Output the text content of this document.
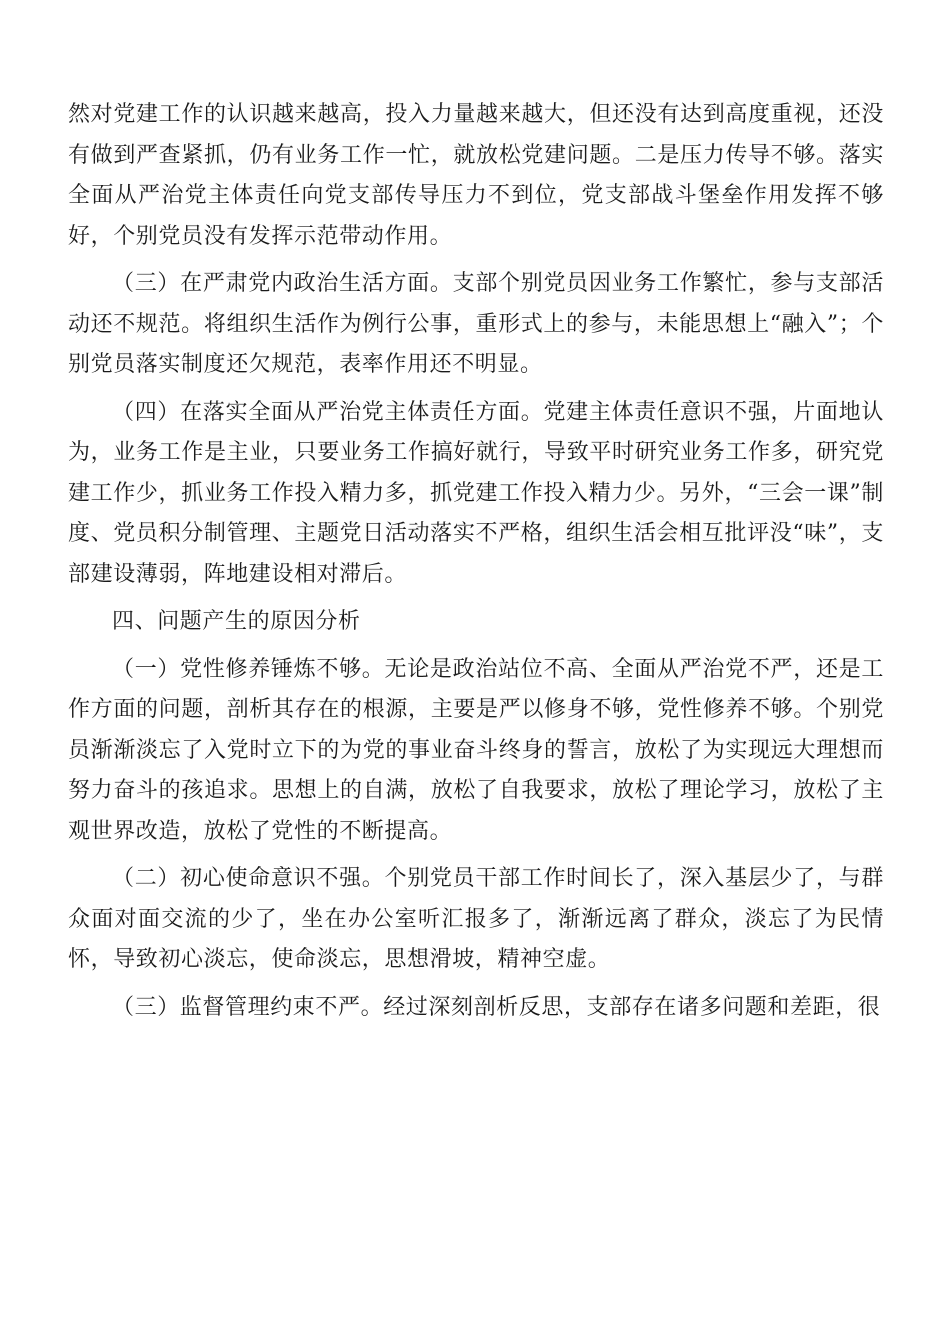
然对党建工作的认识越来越高，投入力量越来越大，但还没有达到高度重视，还没有做到严查紧抓，仍有业务工作一忙，就放松党建问题。二是压力传导不够。落实全面从严治党主体责任向党支部传导压力不到位，党支部战斗堡垒作用发挥不够好，个别党员没有发挥示范带动作用。

（三）在严肃党内政治生活方面。支部个别党员因业务工作繁忙，参与支部活动还不规范。将组织生活作为例行公事，重形式上的参与，未能思想上“融入”；个别党员落实制度还欠规范，表率作用还不明显。

（四）在落实全面从严治党主体责任方面。党建主体责任意识不强，片面地认为，业务工作是主业，只要业务工作搞好就行，导致平时研究业务工作多，研究党建工作少，抓业务工作投入精力多，抓党建工作投入精力少。另外，“三会一课”制度、党员积分制管理、主题党日活动落实不严格，组织生活会相互批评没“味”，支部建设薄弱，阵地建设相对滞后。

四、问题产生的原因分析

（一）党性修养锤炼不够。无论是政治站位不高、全面从严治党不严，还是工作方面的问题，剖析其存在的根源，主要是严以修身不够，党性修养不够。个别党员渐渐淡忘了入党时立下的为党的事业奋斗终身的誓言，放松了为实现远大理想而努力奋斗的孩追求。思想上的自满，放松了自我要求，放松了理论学习，放松了主观世界改造，放松了党性的不断提高。

（二）初心使命意识不强。个别党员干部工作时间长了，深入基层少了，与群众面对面交流的少了，坐在办公室听汇报多了，渐渐远离了群众，淡忘了为民情怀，导致初心淡忘，使命淡忘，思想滑坡，精神空虚。

（三）监督管理约束不严。经过深刻剖析反思，支部存在诸多问题和差距，很
